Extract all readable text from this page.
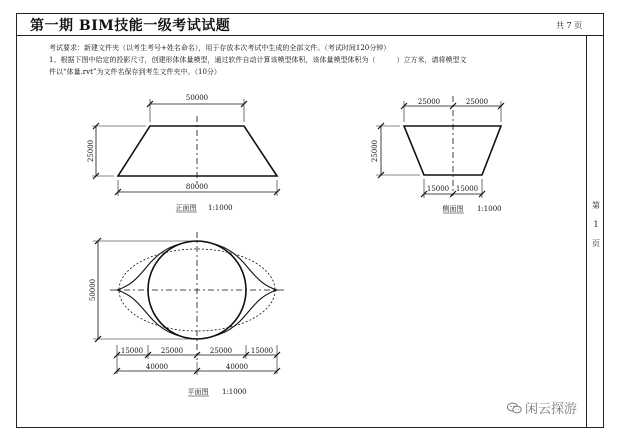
第一期 BIM技能一级考试试题	共 7 页
考试要求：新建文件夹（以考生考号+姓名命名），用于存放本次考试中生成的全部文件。（考试时间120分钟）
1、根据下图中给定的投影尺寸，创建形体体量模型，通过软件自动计算该模型体积，该体量模型体积为（　　　）立方米，请将模型文
件以“体量.rvt”为文件名保存到考生文件夹中。（10分）
第
1
页
50000
80000
25000
正面图 1:1000
25000	25000
15000 15000
25000
侧面图 1:1000
50000
15000	25000	25000	15000
40000	40000
平面图 1:1000
闲云探游
